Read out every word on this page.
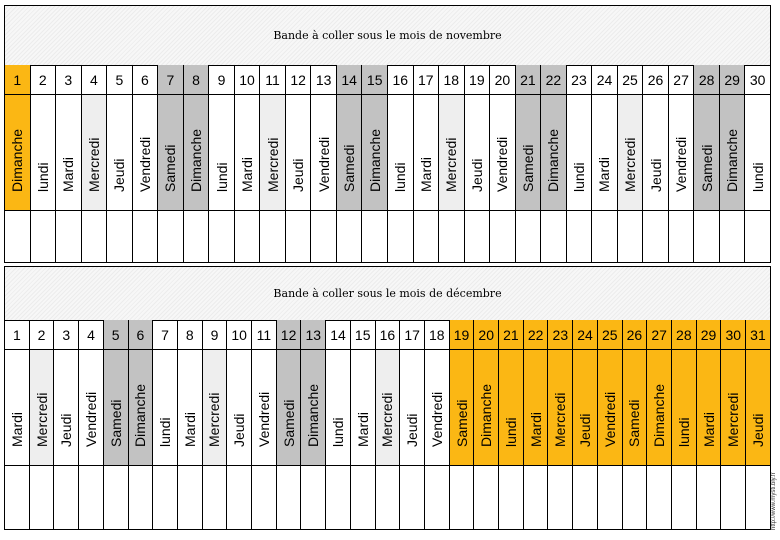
Bande à coller sous le mois de novembre
1
Dimanche
2
lundi
3
Mardi
4
Mercredi
5
Jeudi
6
Vendredi
7
Samedi
8
Dimanche
9
lundi
10
Mardi
11
Mercredi
12
Jeudi
13
Vendredi
14
Samedi
15
Dimanche
16
lundi
17
Mardi
18
Mercredi
19
Jeudi
20
Vendredi
21
Samedi
22
Dimanche
23
lundi
24
Mardi
25
Mercredi
26
Jeudi
27
Vendredi
28
Samedi
29
Dimanche
30
lundi
Bande à coller sous le mois de décembre
1
Mardi
2
Mercredi
3
Jeudi
4
Vendredi
5
Samedi
6
Dimanche
7
lundi
8
Mardi
9
Mercredi
10
Jeudi
11
Vendredi
12
Samedi
13
Dimanche
14
lundi
15
Mardi
16
Mercredi
17
Jeudi
18
Vendredi
19
Samedi
20
Dimanche
21
lundi
22
Mardi
23
Mercredi
24
Jeudi
25
Vendredi
26
Samedi
27
Dimanche
28
lundi
29
Mardi
30
Mercredi
31
Jeudi
http://www.mysti.bly.fr
